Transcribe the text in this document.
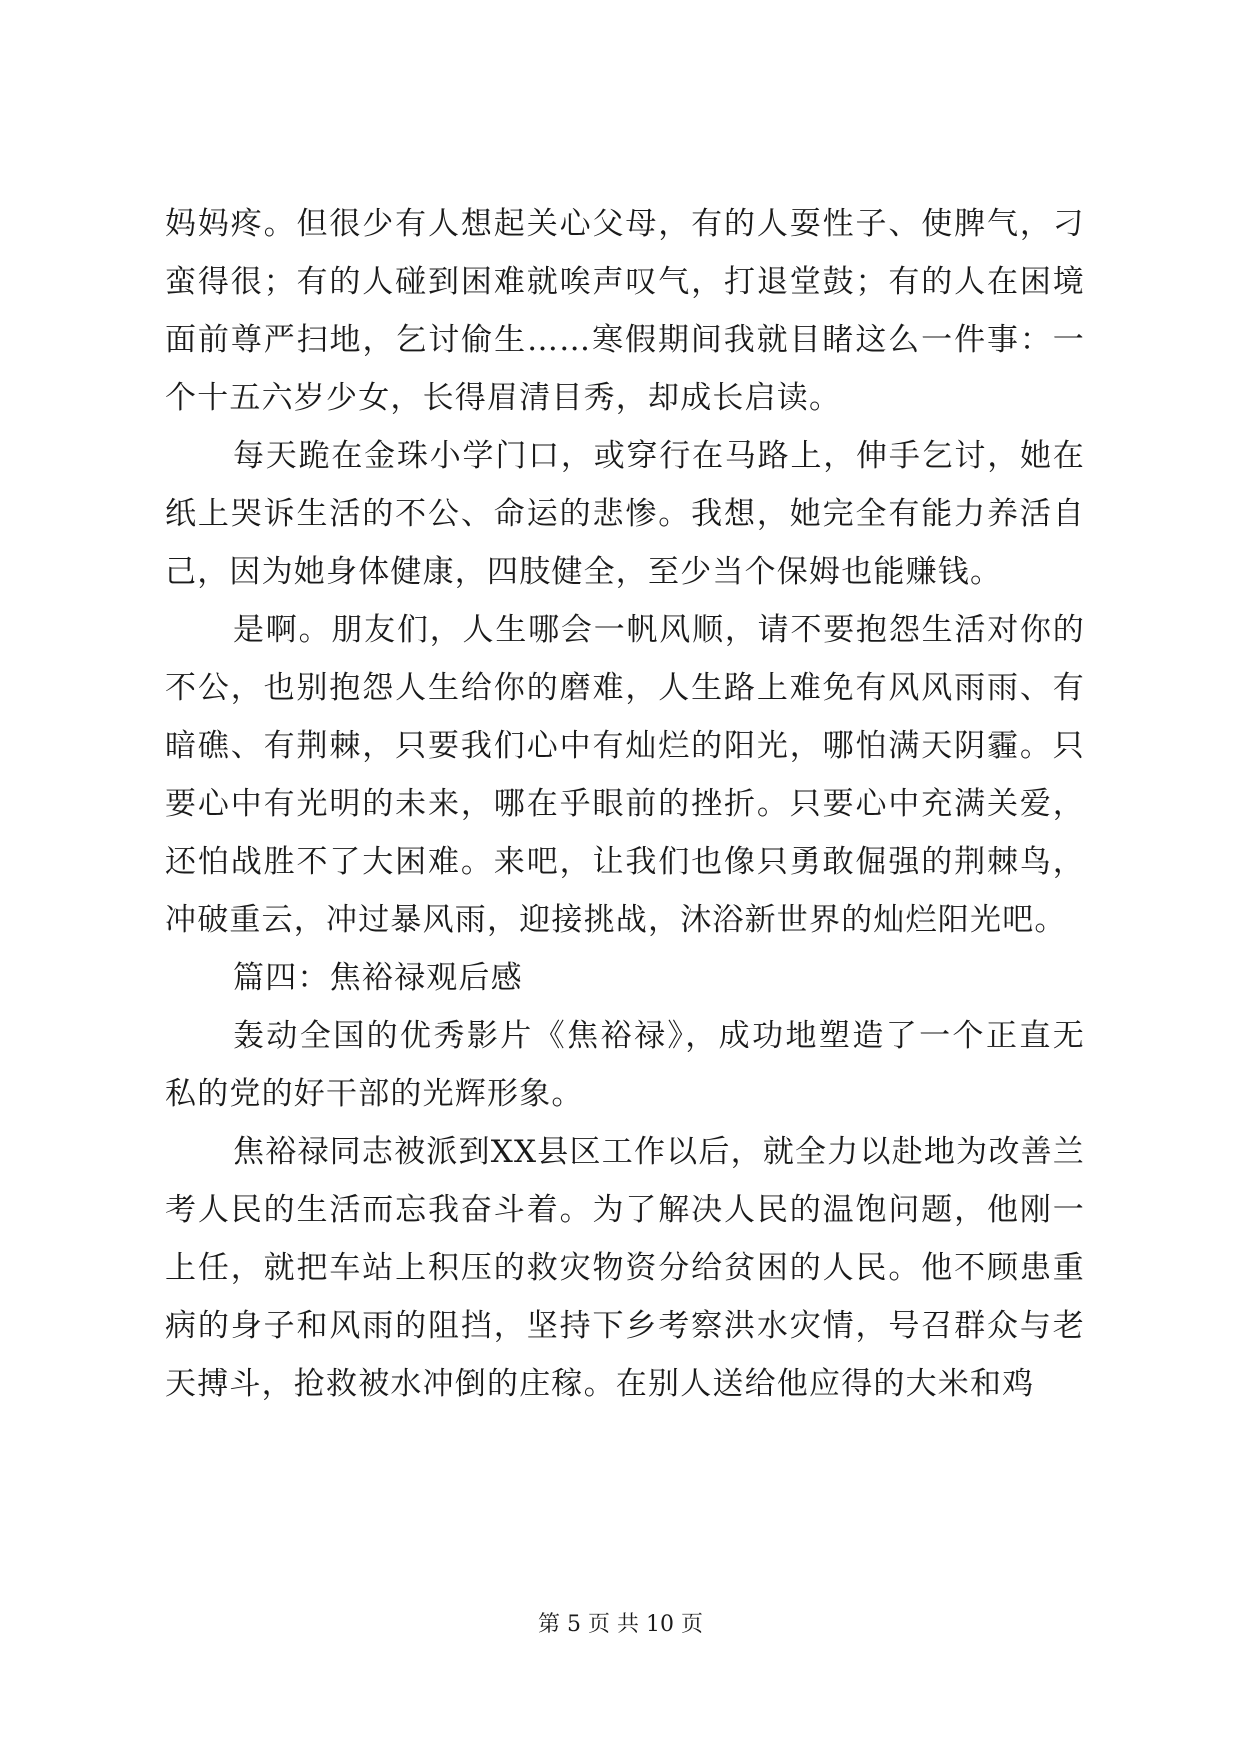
妈妈疼。但很少有人想起关心父母，有的人耍性子、使脾气，刁蛮得很；有的人碰到困难就唉声叹气，打退堂鼓；有的人在困境面前尊严扫地，乞讨偷生……寒假期间我就目睹这么一件事：一个十五六岁少女，长得眉清目秀，却成长启读。

每天跪在金珠小学门口，或穿行在马路上，伸手乞讨，她在纸上哭诉生活的不公、命运的悲惨。我想，她完全有能力养活自己，因为她身体健康，四肢健全，至少当个保姆也能赚钱。

是啊。朋友们，人生哪会一帆风顺，请不要抱怨生活对你的不公，也别抱怨人生给你的磨难，人生路上难免有风风雨雨、有暗礁、有荆棘，只要我们心中有灿烂的阳光，哪怕满天阴霾。只要心中有光明的未来，哪在乎眼前的挫折。只要心中充满关爱，还怕战胜不了大困难。来吧，让我们也像只勇敢倔强的荆棘鸟，冲破重云，冲过暴风雨，迎接挑战，沐浴新世界的灿烂阳光吧。

篇四：焦裕禄观后感

轰动全国的优秀影片《焦裕禄》，成功地塑造了一个正直无私的党的好干部的光辉形象。

焦裕禄同志被派到XX县区工作以后，就全力以赴地为改善兰考人民的生活而忘我奋斗着。为了解决人民的温饱问题，他刚一上任，就把车站上积压的救灾物资分给贫困的人民。他不顾患重病的身子和风雨的阻挡，坚持下乡考察洪水灾情，号召群众与老天搏斗，抢救被水冲倒的庄稼。在别人送给他应得的大米和鸡

第 5 页 共 10 页
